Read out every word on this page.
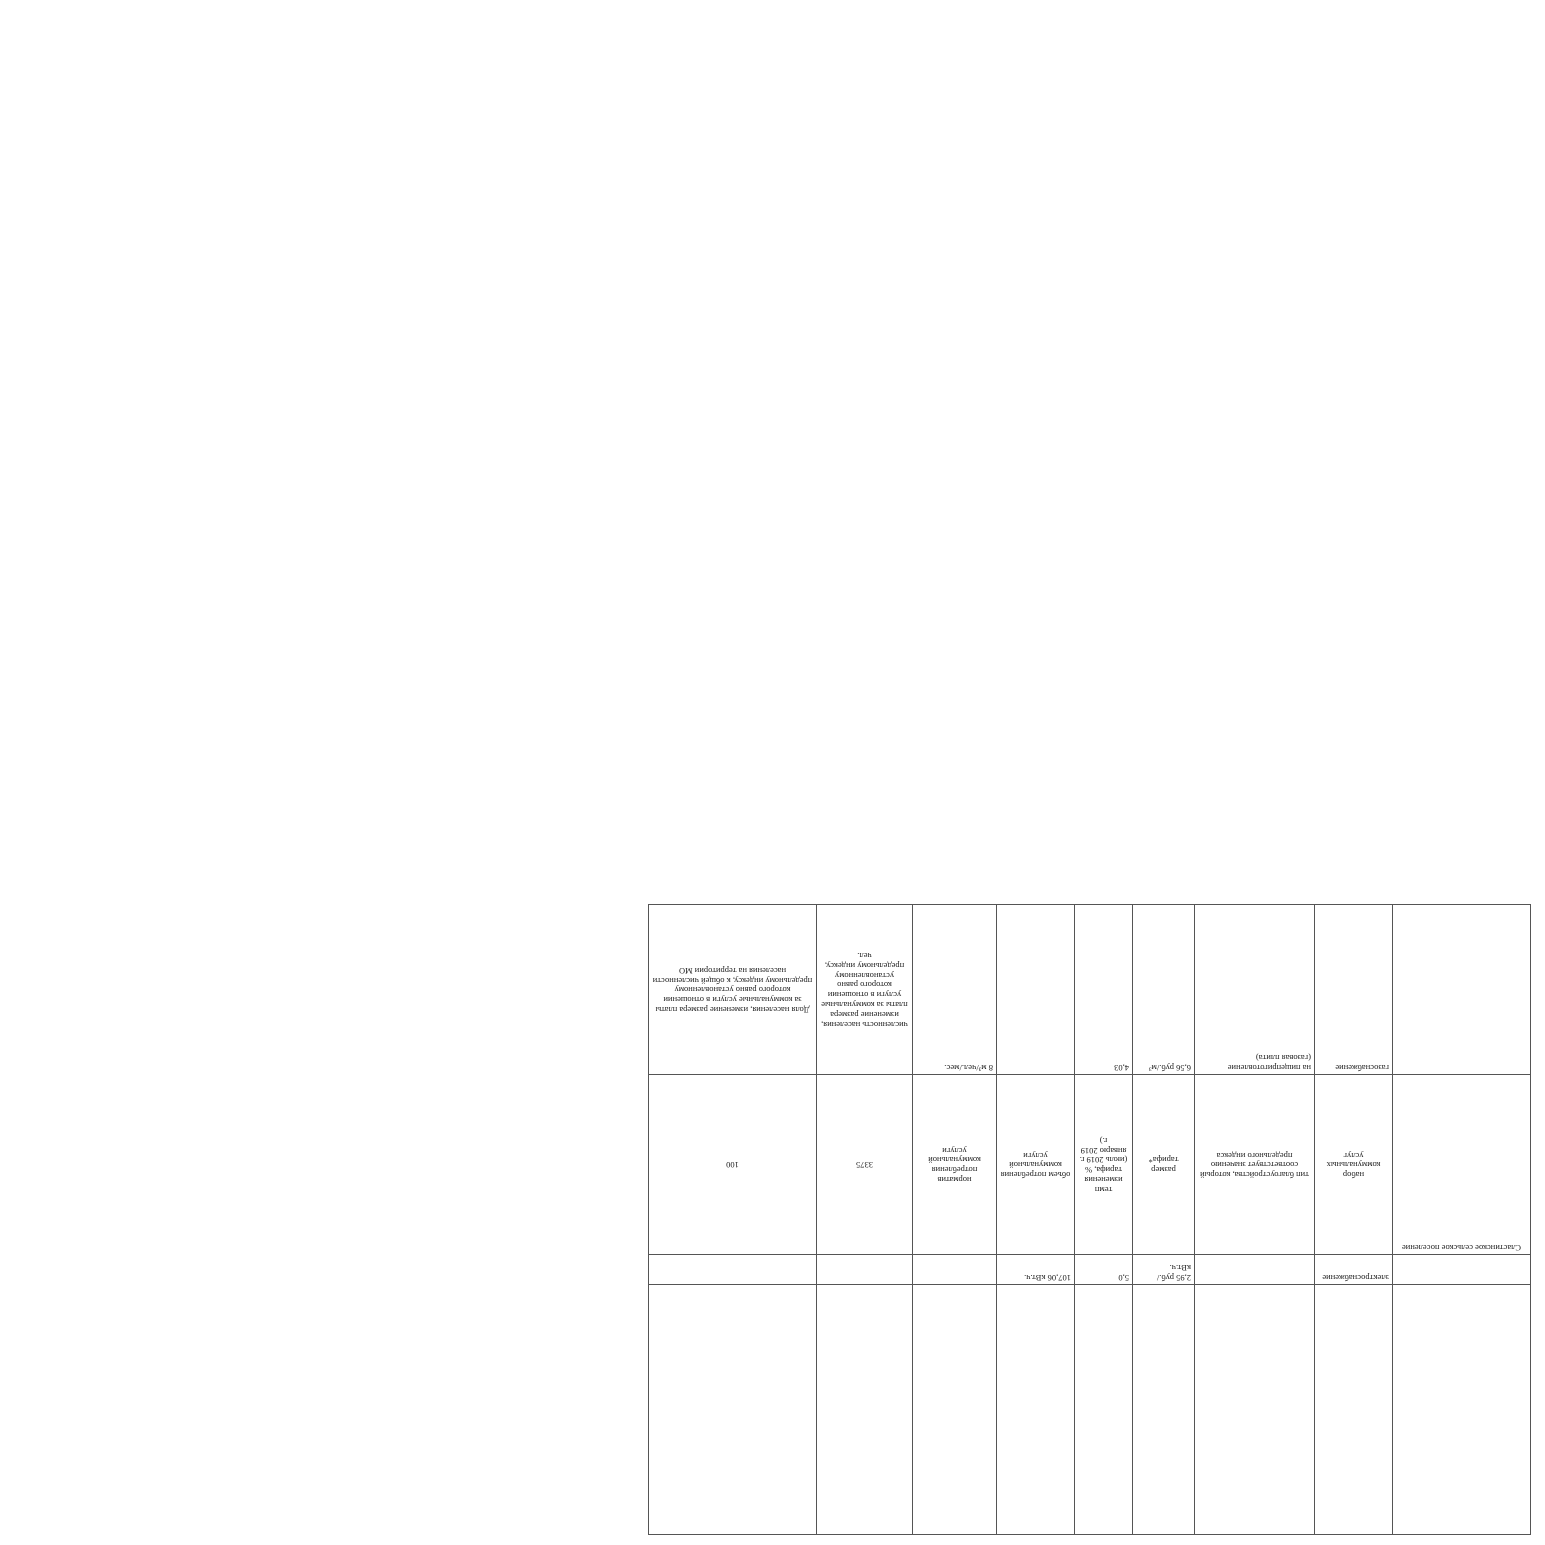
	электроснабжение		2,95 руб./кВт.ч.	5,0	107,06 кВт.ч.			
Сластинское сельское поселение	набор коммунальных услуг	тип благоустройства, который соответствует значению предельного индекса	размер тарифа*	темп изменения тарифа, % (июль 2019 г. январю 2019 г.)	объем потребления коммунальной услуги	норматив потребления коммунальной услуги	3375	100
	газоснабжение	на пищеприготовление (газовая плита)	6,56 руб./м³	4,03		8 м³/чел./мес.	численность населения, изменение размера платы за коммунальные услуги в отношении которого равно установленному предельному индексу, чел.	Доля населения, изменение размера платы за коммунальные услуги в отношении которого равно установленному предельному индексу, к общей численности населения на территории МО
